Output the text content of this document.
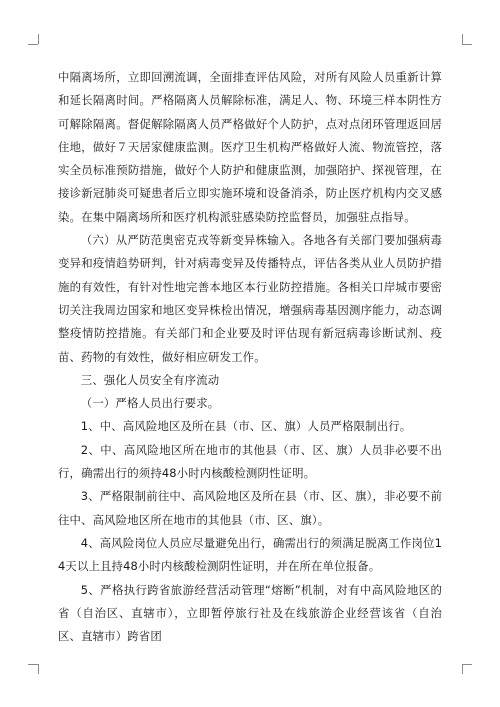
中隔离场所，立即回溯流调，全面排查评估风险，对所有风险人员重新计算和延长隔离时间。严格隔离人员解除标准，满足人、物、环境三样本阴性方可解除隔离。督促解除隔离人员严格做好个人防护，点对点闭环管理返回居住地，做好７天居家健康监测。医疗卫生机构严格做好人流、物流管控，落实全员标准预防措施，做好个人防护和健康监测，加强陪护、探视管理，在接诊新冠肺炎可疑患者后立即实施环境和设备消杀，防止医疗机构内交叉感染。在集中隔离场所和医疗机构派驻感染防控监督员，加强驻点指导。

（六）从严防范奥密克戎等新变异株输入。各地各有关部门要加强病毒变异和疫情趋势研判，针对病毒变异及传播特点，评估各类从业人员防护措施的有效性，有针对性地完善本地区本行业防控措施。各相关口岸城市要密切关注我周边国家和地区变异株检出情况，增强病毒基因测序能力，动态调整疫情防控措施。有关部门和企业要及时评估现有新冠病毒诊断试剂、疫苗、药物的有效性，做好相应研发工作。

三、强化人员安全有序流动

（一）严格人员出行要求。

1、中、高风险地区及所在县（市、区、旗）人员严格限制出行。

2、中、高风险地区所在地市的其他县（市、区、旗）人员非必要不出行，确需出行的须持48小时内核酸检测阴性证明。

3、严格限制前往中、高风险地区及所在县（市、区、旗），非必要不前往中、高风险地区所在地市的其他县（市、区、旗）。

4、高风险岗位人员应尽量避免出行，确需出行的须满足脱离工作岗位14天以上且持48小时内核酸检测阴性证明，并在所在单位报备。

5、严格执行跨省旅游经营活动管理“熔断”机制，对有中高风险地区的省（自治区、直辖市），立即暂停旅行社及在线旅游企业经营该省（自治区、直辖市）跨省团
